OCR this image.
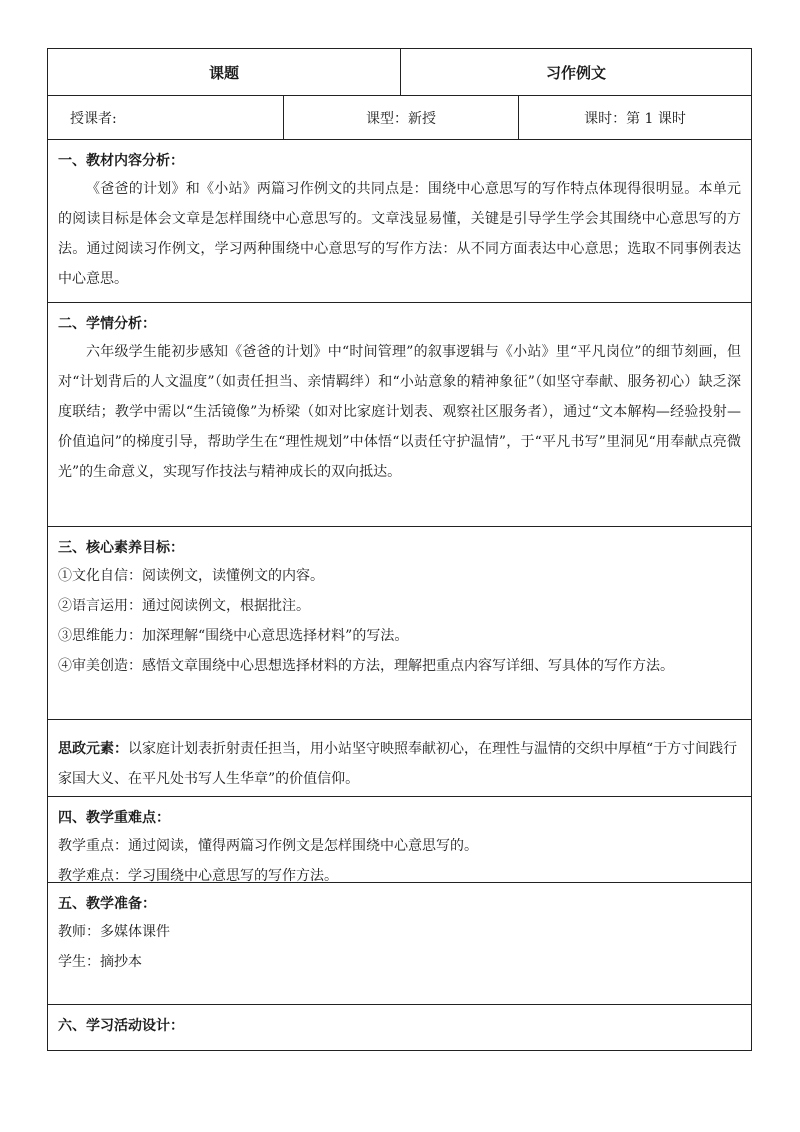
课题	习作例文
授课者:	课型：新授	课时：第 1 课时
一、教材内容分析：
《爸爸的计划》和《小站》两篇习作例文的共同点是：围绕中心意思写的写作特点体现得很明显。本单元的阅读目标是体会文章是怎样围绕中心意思写的。文章浅显易懂，关键是引导学生学会其围绕中心意思写的方法。通过阅读习作例文，学习两种围绕中心意思写的写作方法：从不同方面表达中心意思；选取不同事例表达中心意思。
二、学情分析：
六年级学生能初步感知《爸爸的计划》中“时间管理”的叙事逻辑与《小站》里“平凡岗位”的细节刻画，但对“计划背后的人文温度”（如责任担当、亲情羁绊）和“小站意象的精神象征”（如坚守奉献、服务初心）缺乏深度联结；教学中需以“生活镜像”为桥梁（如对比家庭计划表、观察社区服务者），通过“文本解构—经验投射—价值追问”的梯度引导，帮助学生在“理性规划”中体悟“以责任守护温情”，于“平凡书写”里洞见“用奉献点亮微光”的生命意义，实现写作技法与精神成长的双向抵达。
三、核心素养目标：
①文化自信：阅读例文，读懂例文的内容。
②语言运用：通过阅读例文，根据批注。
③思维能力：加深理解“围绕中心意思选择材料”的写法。
④审美创造：感悟文章围绕中心思想选择材料的方法，理解把重点内容写详细、写具体的写作方法。
思政元素：以家庭计划表折射责任担当，用小站坚守映照奉献初心，在理性与温情的交织中厚植“于方寸间践行家国大义、在平凡处书写人生华章”的价值信仰。
四、教学重难点：
教学重点：通过阅读，懂得两篇习作例文是怎样围绕中心意思写的。
教学难点：学习围绕中心意思写的写作方法。
五、教学准备：
教师：多媒体课件
学生：摘抄本
六、学习活动设计：
